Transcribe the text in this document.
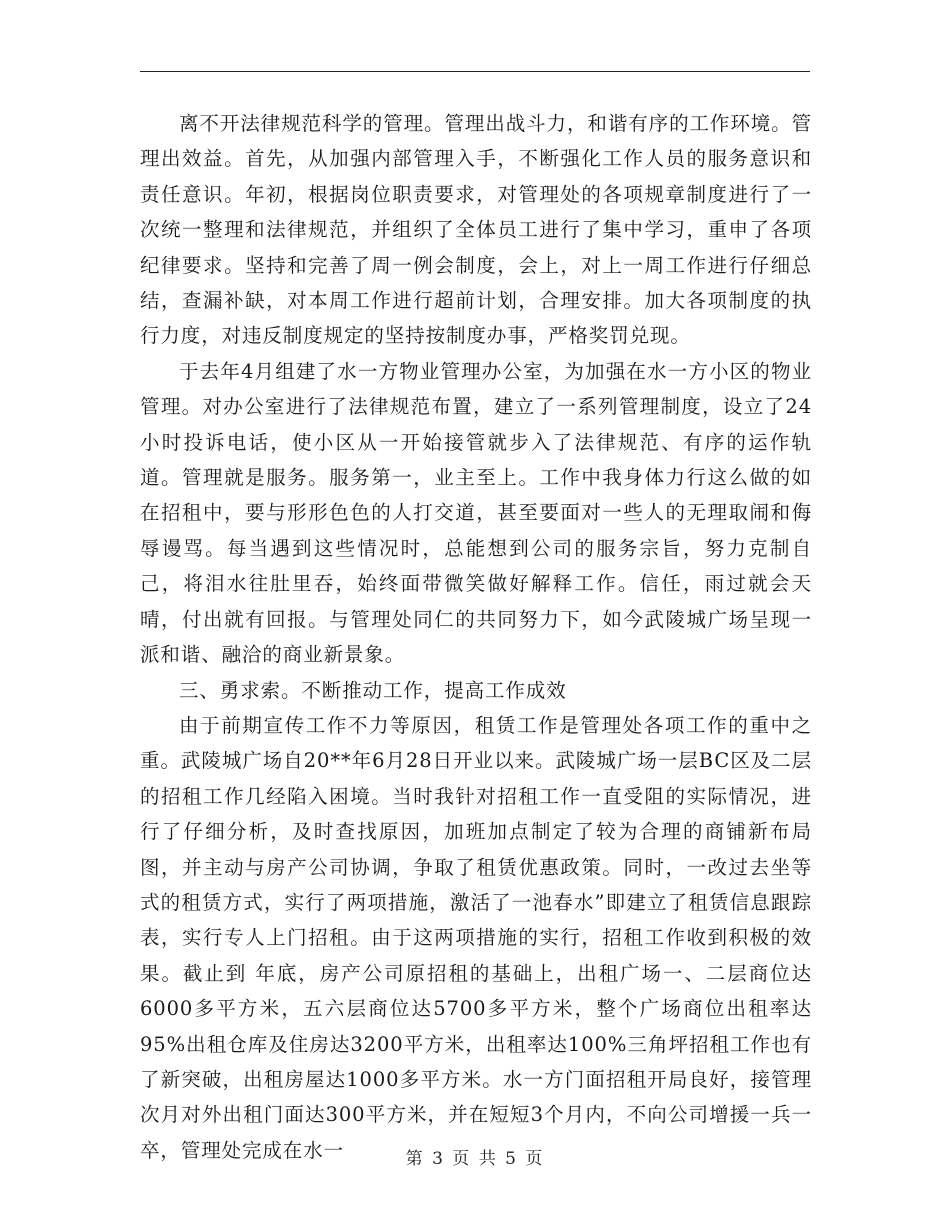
离不开法律规范科学的管理。管理出战斗力，和谐有序的工作环境。管理出效益。首先，从加强内部管理入手，不断强化工作人员的服务意识和责任意识。年初，根据岗位职责要求，对管理处的各项规章制度进行了一次统一整理和法律规范，并组织了全体员工进行了集中学习，重申了各项纪律要求。坚持和完善了周一例会制度，会上，对上一周工作进行仔细总结，查漏补缺，对本周工作进行超前计划，合理安排。加大各项制度的执行力度，对违反制度规定的坚持按制度办事，严格奖罚兑现。

于去年4月组建了水一方物业管理办公室，为加强在水一方小区的物业管理。对办公室进行了法律规范布置，建立了一系列管理制度，设立了24小时投诉电话，使小区从一开始接管就步入了法律规范、有序的运作轨道。管理就是服务。服务第一，业主至上。工作中我身体力行这么做的如在招租中，要与形形色色的人打交道，甚至要面对一些人的无理取闹和侮辱谩骂。每当遇到这些情况时，总能想到公司的服务宗旨，努力克制自己，将泪水往肚里吞，始终面带微笑做好解释工作。信任，雨过就会天晴，付出就有回报。与管理处同仁的共同努力下，如今武陵城广场呈现一派和谐、融洽的商业新景象。

三、勇求索。不断推动工作，提高工作成效

由于前期宣传工作不力等原因，租赁工作是管理处各项工作的重中之重。武陵城广场自20**年6月28日开业以来。武陵城广场一层BC区及二层的招租工作几经陷入困境。当时我针对招租工作一直受阻的实际情况，进行了仔细分析，及时查找原因，加班加点制定了较为合理的商铺新布局图，并主动与房产公司协调，争取了租赁优惠政策。同时，一改过去坐等式的租赁方式，实行了两项措施，激活了一池春水”即建立了租赁信息跟踪表，实行专人上门招租。由于这两项措施的实行，招租工作收到积极的效果。截止到 年底，房产公司原招租的基础上，出租广场一、二层商位达6000多平方米，五六层商位达5700多平方米，整个广场商位出租率达95%出租仓库及住房达3200平方米，出租率达100%三角坪招租工作也有了新突破，出租房屋达1000多平方米。水一方门面招租开局良好，接管理次月对外出租门面达300平方米，并在短短3个月内，不向公司增援一兵一卒，管理处完成在水一	第 3 页 共 5 页
